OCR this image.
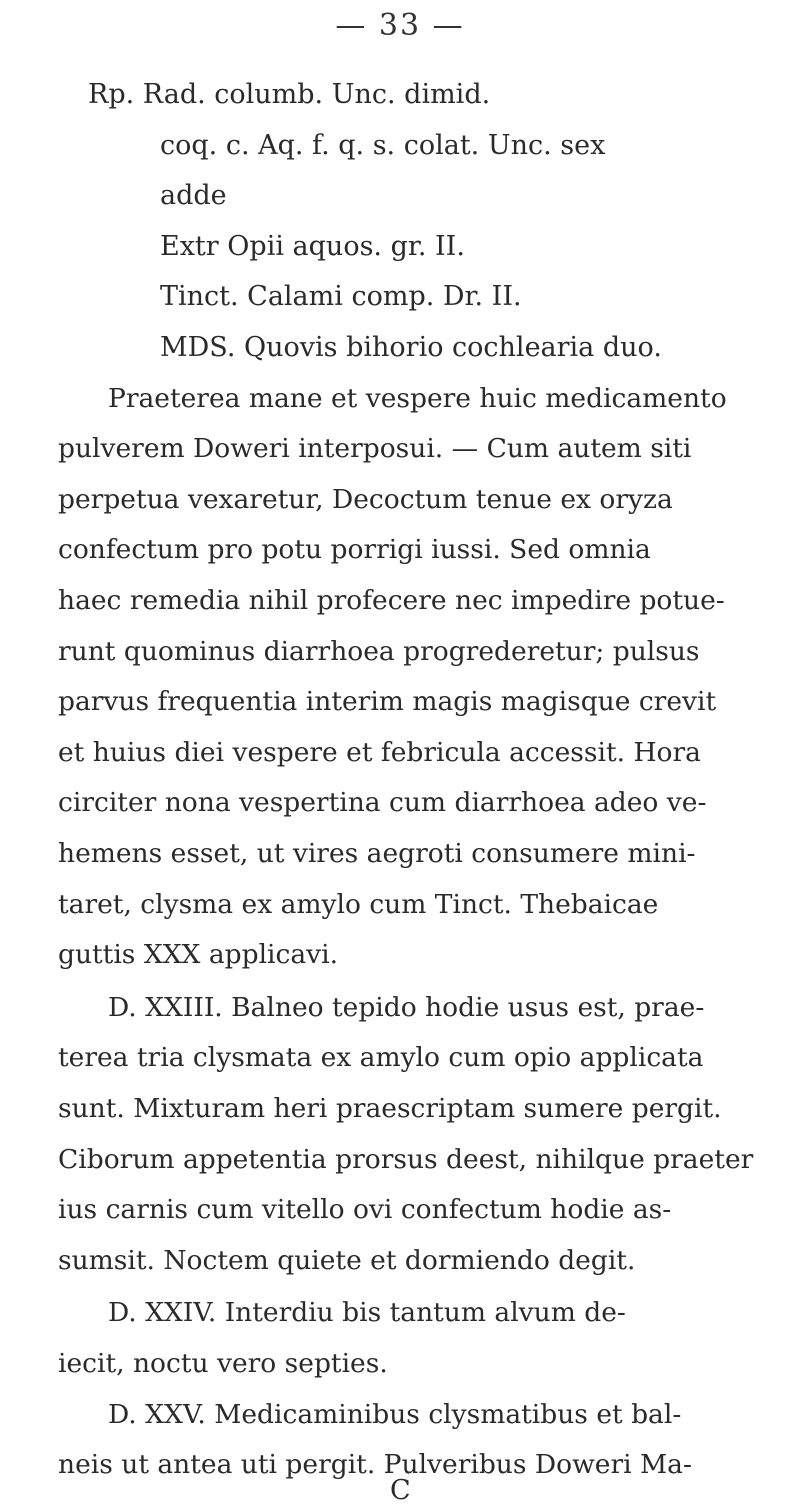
— 33 —
Rp. Rad. columb. Unc. dimid.
coq. c. Aq. f. q. s. colat. Unc. sex
adde
Extr Opii aquos. gr. II.
Tinct. Calami comp. Dr. II.
MDS. Quovis bihorio cochlearia duo.
Praeterea mane et vespere huic medicamento
pulverem Doweri interposui. — Cum autem siti
perpetua vexaretur, Decoctum tenue ex oryza
confectum pro potu porrigi iussi. Sed omnia
haec remedia nihil profecere nec impedire potue-
runt quominus diarrhoea progrederetur; pulsus
parvus frequentia interim magis magisque crevit
et huius diei vespere et febricula accessit. Hora
circiter nona vespertina cum diarrhoea adeo ve-
hemens esset, ut vires aegroti consumere mini-
taret, clysma ex amylo cum Tinct. Thebaicae
guttis XXX applicavi.
D. XXIII. Balneo tepido hodie usus est, prae-
terea tria clysmata ex amylo cum opio applicata
sunt. Mixturam heri praescriptam sumere pergit.
Ciborum appetentia prorsus deest, nihilque praeter
ius carnis cum vitello ovi confectum hodie as-
sumsit. Noctem quiete et dormiendo degit.
D. XXIV. Interdiu bis tantum alvum de-
iecit, noctu vero septies.
D. XXV. Medicaminibus clysmatibus et bal-
neis ut antea uti pergit. Pulveribus Doweri Ma-
C
